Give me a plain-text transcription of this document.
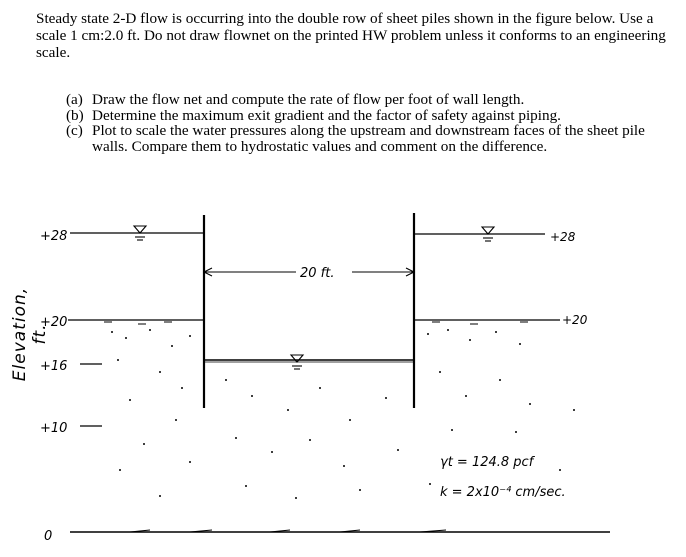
Steady state 2-D flow is occurring into the double row of sheet piles shown in the figure below. Use a scale 1 cm:2.0 ft. Do not draw flownet on the printed HW problem unless it conforms to an engineering scale.
(a) Draw the flow net and compute the rate of flow per foot of wall length.
(b) Determine the maximum exit gradient and the factor of safety against piping.
(c) Plot to scale the water pressures along the upstream and downstream faces of the sheet pile walls. Compare them to hydrostatic values and comment on the difference.
Elevation, ft.
+28
+20
+16
+10
0
+28
+20
20 ft.
γt = 124.8 pcf
k = 2x10⁻⁴ cm/sec.
